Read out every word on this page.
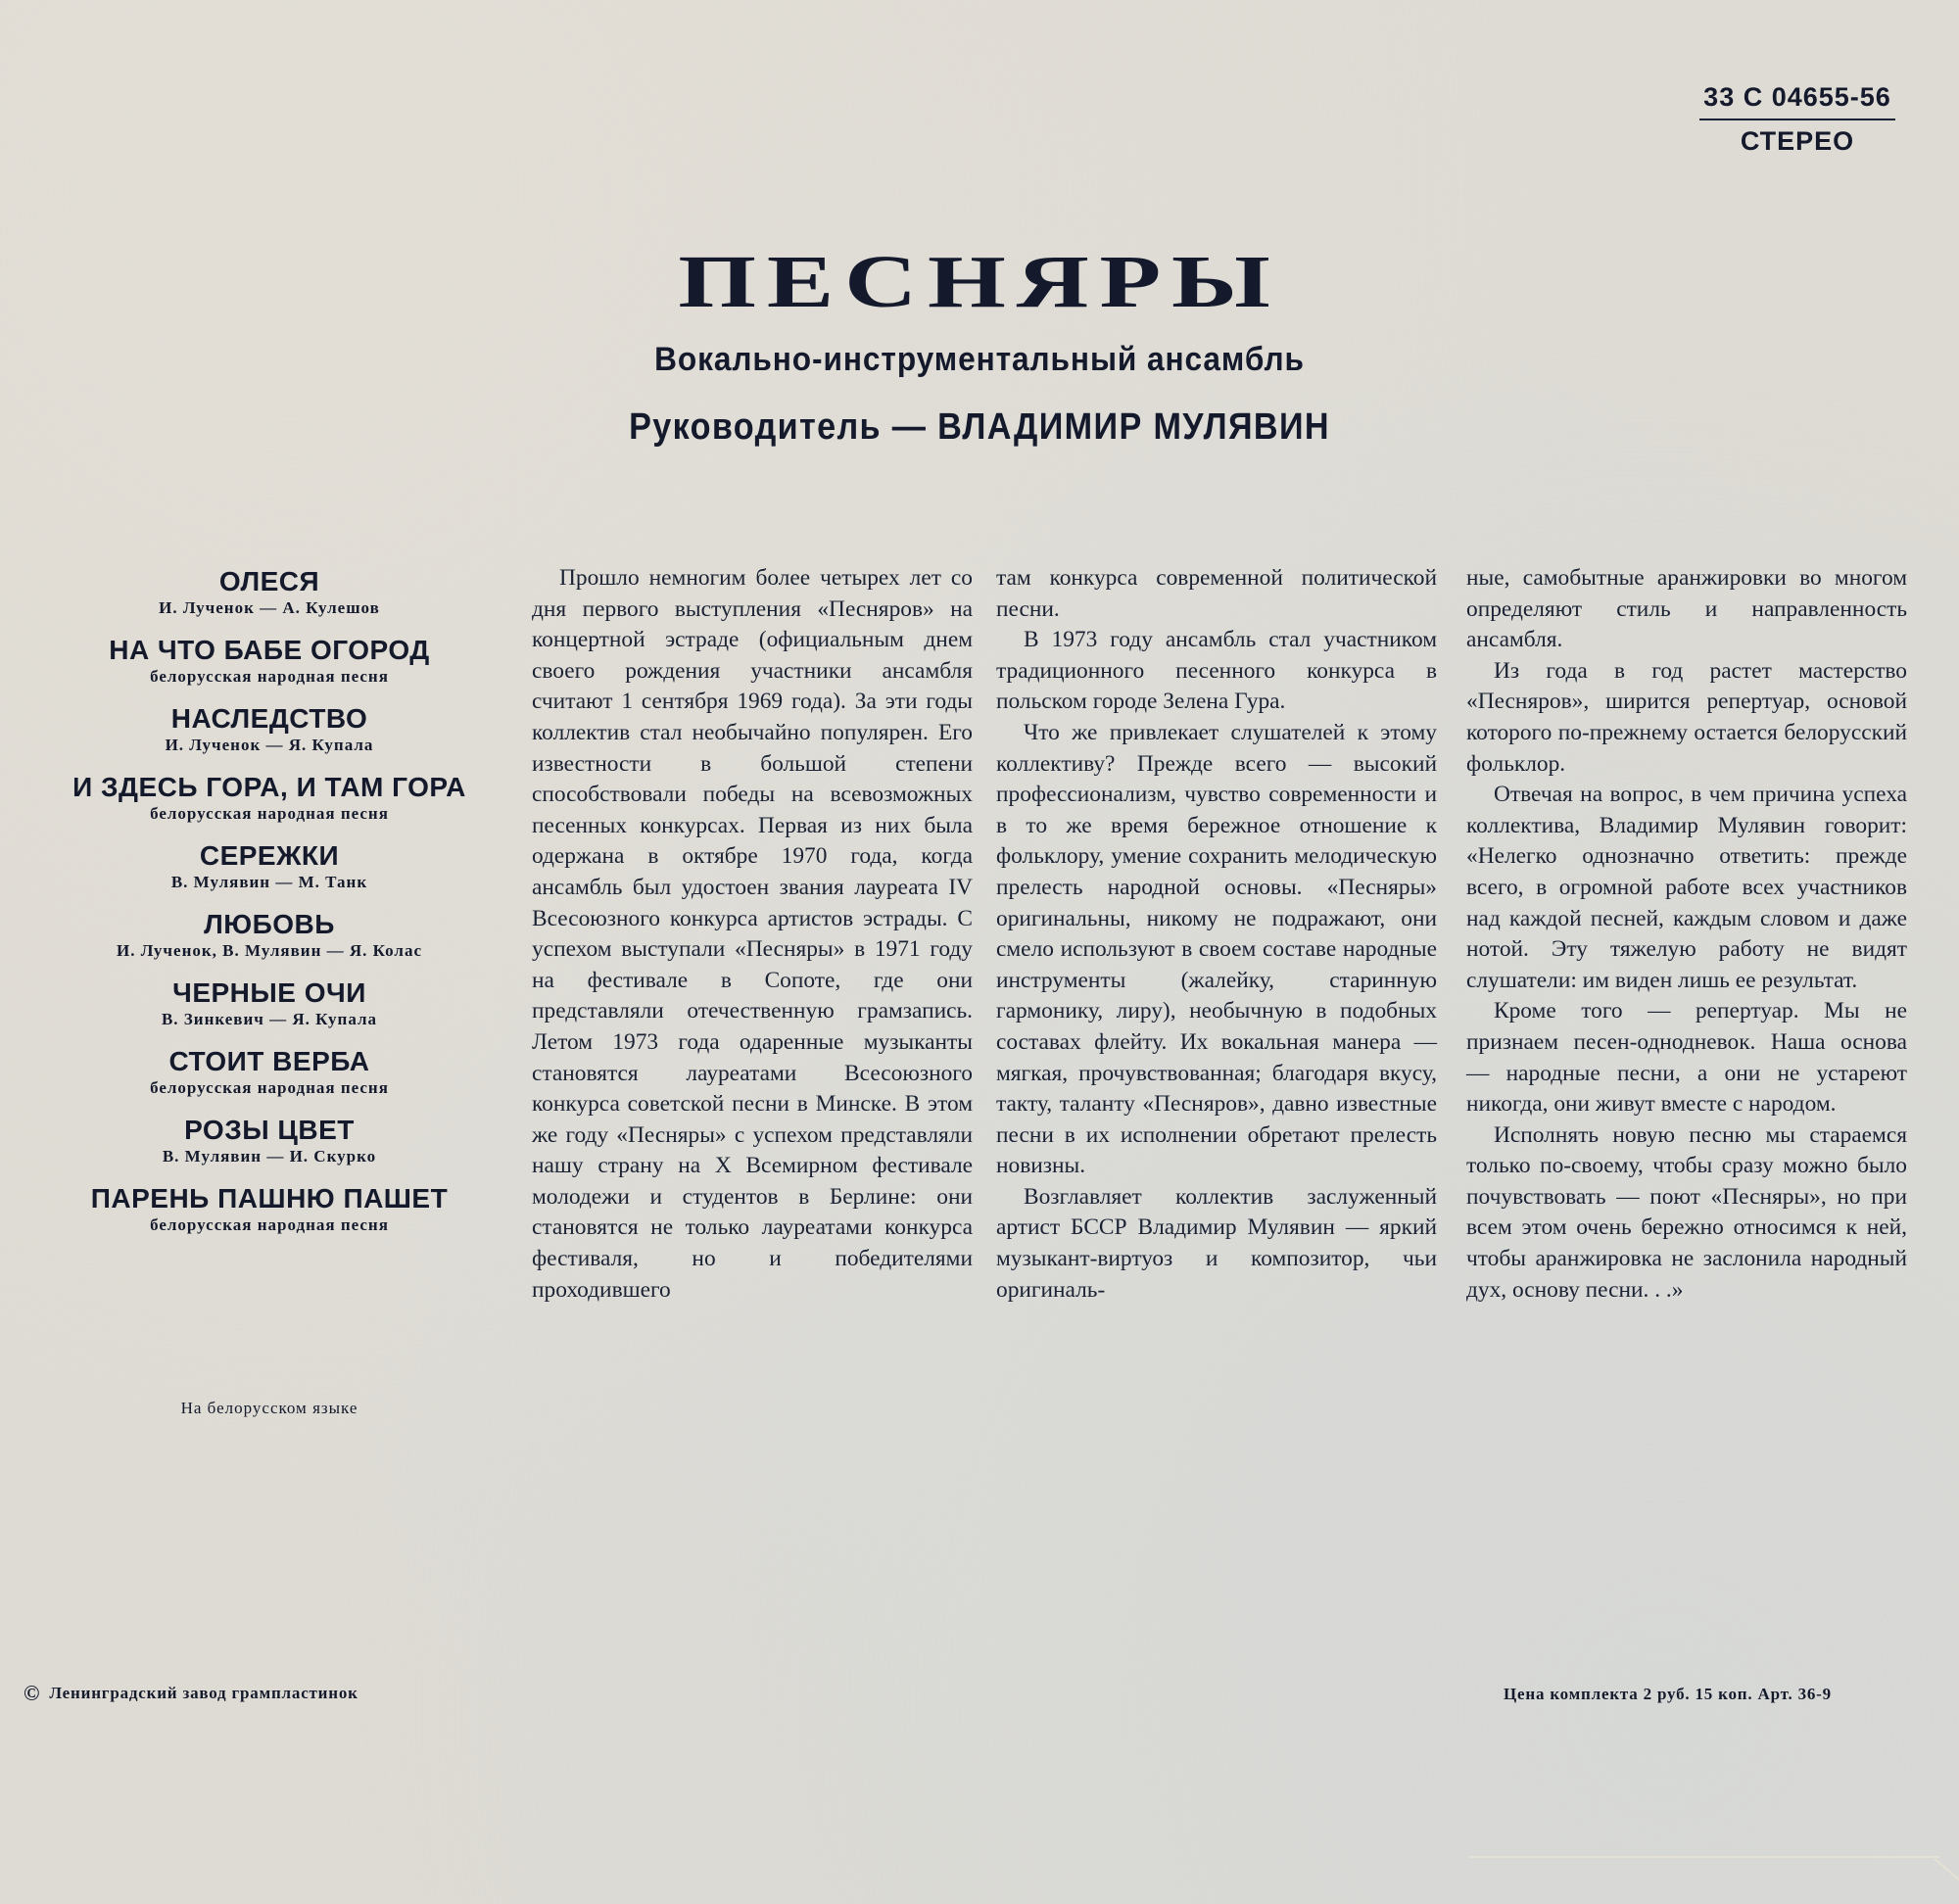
33 С 04655-56
СТЕРЕО
ПЕСНЯРЫ
Вокально-инструментальный ансамбль
Руководитель — ВЛАДИМИР МУЛЯВИН
ОЛЕСЯ
И. Лученок — А. Кулешов
НА ЧТО БАБЕ ОГОРОД
белорусская народная песня
НАСЛЕДСТВО
И. Лученок — Я. Купала
И ЗДЕСЬ ГОРА, И ТАМ ГОРА
белорусская народная песня
СЕРЕЖКИ
В. Мулявин — М. Танк
ЛЮБОВЬ
И. Лученок, В. Мулявин — Я. Колас
ЧЕРНЫЕ ОЧИ
В. Зинкевич — Я. Купала
СТОИТ ВЕРБА
белорусская народная песня
РОЗЫ ЦВЕТ
В. Мулявин — И. Скурко
ПАРЕНЬ ПАШНЮ ПАШЕТ
белорусская народная песня
На белорусском языке

Прошло немногим более четырех лет со дня первого выступления «Песняров» на концертной эстраде (официальным днем своего рождения участники ансамбля считают 1 сентября 1969 года). За эти годы коллектив стал необычайно популярен. Его известности в большой степени способствовали победы на всевозможных песенных конкурсах. Первая из них была одержана в октябре 1970 года, когда ансамбль был удостоен звания лауреата IV Всесоюзного конкурса артистов эстрады. С успехом выступали «Песняры» в 1971 году на фестивале в Сопоте, где они представляли отечественную грамзапись. Летом 1973 года одаренные музыканты становятся лауреатами Всесоюзного конкурса советской песни в Минске. В этом же году «Песняры» с успехом представляли нашу страну на X Всемирном фестивале молодежи и студентов в Берлине: они становятся не только лауреатами конкурса фестиваля, но и победителями проходившего

там конкурса современной политической песни.

В 1973 году ансамбль стал участником традиционного песенного конкурса в польском городе Зелена Гура.

Что же привлекает слушателей к этому коллективу? Прежде всего — высокий профессионализм, чувство современности и в то же время бережное отношение к фольклору, умение сохранить мелодическую прелесть народной основы. «Песняры» оригинальны, никому не подражают, они смело используют в своем составе народные инструменты (жалейку, старинную гармонику, лиру), необычную в подобных составах флейту. Их вокальная манера — мягкая, прочувствованная; благодаря вкусу, такту, таланту «Песняров», давно известные песни в их исполнении обретают прелесть новизны.

Возглавляет коллектив заслуженный артист БССР Владимир Мулявин — яркий музыкант-виртуоз и композитор, чьи оригиналь-

ные, самобытные аранжировки во многом определяют стиль и направленность ансамбля.

Из года в год растет мастерство «Песняров», ширится репертуар, основой которого по-прежнему остается белорусский фольклор.

Отвечая на вопрос, в чем причина успеха коллектива, Владимир Мулявин говорит: «Нелегко однозначно ответить: прежде всего, в огромной работе всех участников над каждой песней, каждым словом и даже нотой. Эту тяжелую работу не видят слушатели: им виден лишь ее результат.

Кроме того — репертуар. Мы не признаем песен-однодневок. Наша основа — народные песни, а они не устареют никогда, они живут вместе с народом.

Исполнять новую песню мы стараемся только по-своему, чтобы сразу можно было почувствовать — поют «Песняры», но при всем этом очень бережно относимся к ней, чтобы аранжировка не заслонила народный дух, основу песни. . .»

© Ленинградский завод грампластинок	Цена комплекта 2 руб. 15 коп. Арт. 36-9
